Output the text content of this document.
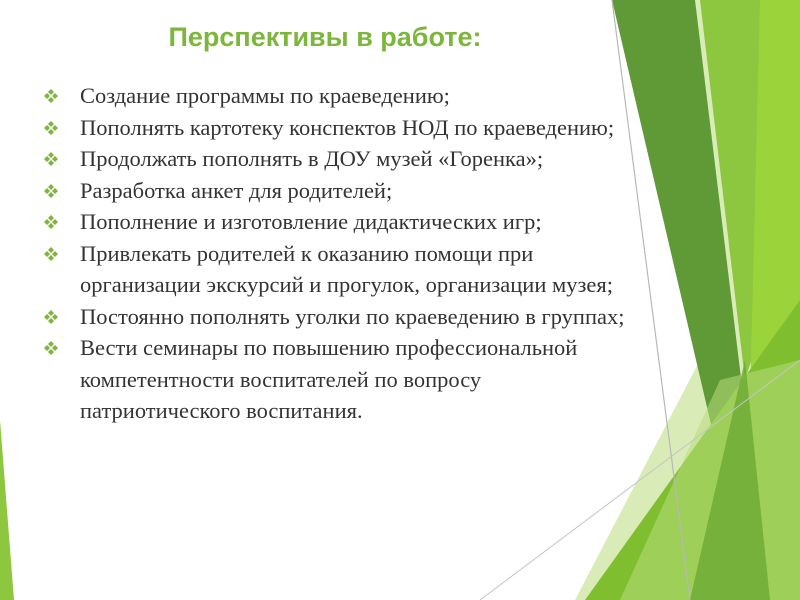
Перспективы в работе:
Создание программы по краеведению;
Пополнять картотеку конспектов НОД по краеведению;
Продолжать пополнять в ДОУ музей «Горенка»;
Разработка анкет для родителей;
Пополнение и изготовление дидактических игр;
Привлекать родителей к оказанию помощи при организации экскурсий и прогулок, организации музея;
Постоянно пополнять уголки по краеведению в группах;
Вести семинары по повышению профессиональной компетентности воспитателей по вопросу патриотического воспитания.
